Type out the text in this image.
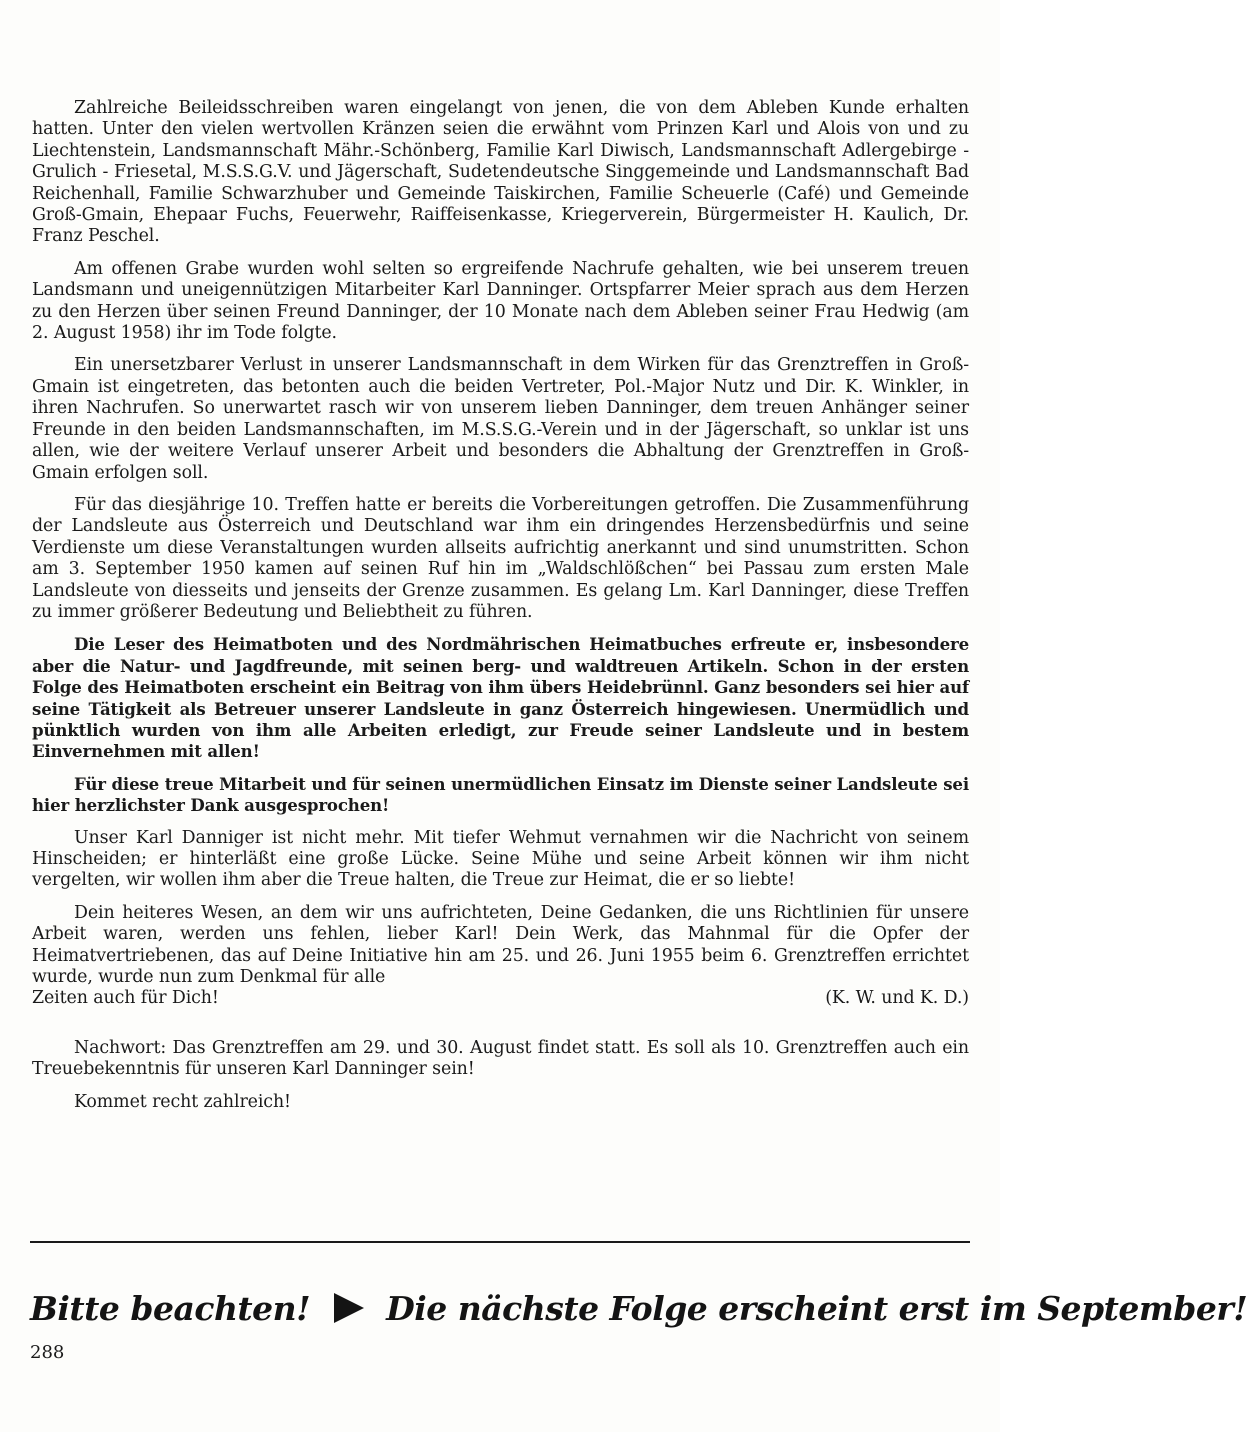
Zahlreiche Beileidsschreiben waren eingelangt von jenen, die von dem Ableben Kunde erhalten hatten. Unter den vielen wertvollen Kränzen seien die erwähnt vom Prinzen Karl und Alois von und zu Liechtenstein, Landsmannschaft Mähr.-Schönberg, Familie Karl Diwisch, Landsmannschaft Adlergebirge - Grulich - Friesetal, M.S.S.G.V. und Jägerschaft, Sudetendeutsche Singgemeinde und Landsmannschaft Bad Reichenhall, Familie Schwarzhuber und Gemeinde Taiskirchen, Familie Scheuerle (Café) und Gemeinde Groß-Gmain, Ehepaar Fuchs, Feuerwehr, Raiffeisenkasse, Kriegerverein, Bürgermeister H. Kaulich, Dr. Franz Peschel.

Am offenen Grabe wurden wohl selten so ergreifende Nachrufe gehalten, wie bei unserem treuen Landsmann und uneigennützigen Mitarbeiter Karl Danninger. Ortspfarrer Meier sprach aus dem Herzen zu den Herzen über seinen Freund Danninger, der 10 Monate nach dem Ableben seiner Frau Hedwig (am 2. August 1958) ihr im Tode folgte.

Ein unersetzbarer Verlust in unserer Landsmannschaft in dem Wirken für das Grenztreffen in Groß-Gmain ist eingetreten, das betonten auch die beiden Vertreter, Pol.-Major Nutz und Dir. K. Winkler, in ihren Nachrufen. So unerwartet rasch wir von unserem lieben Danninger, dem treuen Anhänger seiner Freunde in den beiden Landsmannschaften, im M.S.S.G.-Verein und in der Jägerschaft, so unklar ist uns allen, wie der weitere Verlauf unserer Arbeit und besonders die Abhaltung der Grenztreffen in Groß-Gmain erfolgen soll.

Für das diesjährige 10. Treffen hatte er bereits die Vorbereitungen getroffen. Die Zusammenführung der Landsleute aus Österreich und Deutschland war ihm ein dringendes Herzensbedürfnis und seine Verdienste um diese Veranstaltungen wurden allseits aufrichtig anerkannt und sind unumstritten. Schon am 3. September 1950 kamen auf seinen Ruf hin im „Waldschlößchen“ bei Passau zum ersten Male Landsleute von diesseits und jenseits der Grenze zusammen. Es gelang Lm. Karl Danninger, diese Treffen zu immer größerer Bedeutung und Beliebtheit zu führen.

Die Leser des Heimatboten und des Nordmährischen Heimatbuches erfreute er, insbesondere aber die Natur- und Jagdfreunde, mit seinen berg- und waldtreuen Artikeln. Schon in der ersten Folge des Heimatboten erscheint ein Beitrag von ihm übers Heidebrünnl. Ganz besonders sei hier auf seine Tätigkeit als Betreuer unserer Landsleute in ganz Österreich hingewiesen. Unermüdlich und pünktlich wurden von ihm alle Arbeiten erledigt, zur Freude seiner Landsleute und in bestem Einvernehmen mit allen!

Für diese treue Mitarbeit und für seinen unermüdlichen Einsatz im Dienste seiner Landsleute sei hier herzlichster Dank ausgesprochen!

Unser Karl Danniger ist nicht mehr. Mit tiefer Wehmut vernahmen wir die Nachricht von seinem Hinscheiden; er hinterläßt eine große Lücke. Seine Mühe und seine Arbeit können wir ihm nicht vergelten, wir wollen ihm aber die Treue halten, die Treue zur Heimat, die er so liebte!

Dein heiteres Wesen, an dem wir uns aufrichteten, Deine Gedanken, die uns Richtlinien für unsere Arbeit waren, werden uns fehlen, lieber Karl! Dein Werk, das Mahnmal für die Opfer der Heimatvertriebenen, das auf Deine Initiative hin am 25. und 26. Juni 1955 beim 6. Grenztreffen errichtet wurde, wurde nun zum Denkmal für alle

Zeiten auch für Dich!	(K. W. und K. D.)

Nachwort: Das Grenztreffen am 29. und 30. August findet statt. Es soll als 10. Grenztreffen auch ein Treuebekenntnis für unseren Karl Danninger sein!

Kommet recht zahlreich!

Bitte beachten! Die nächste Folge erscheint erst im September!
288
